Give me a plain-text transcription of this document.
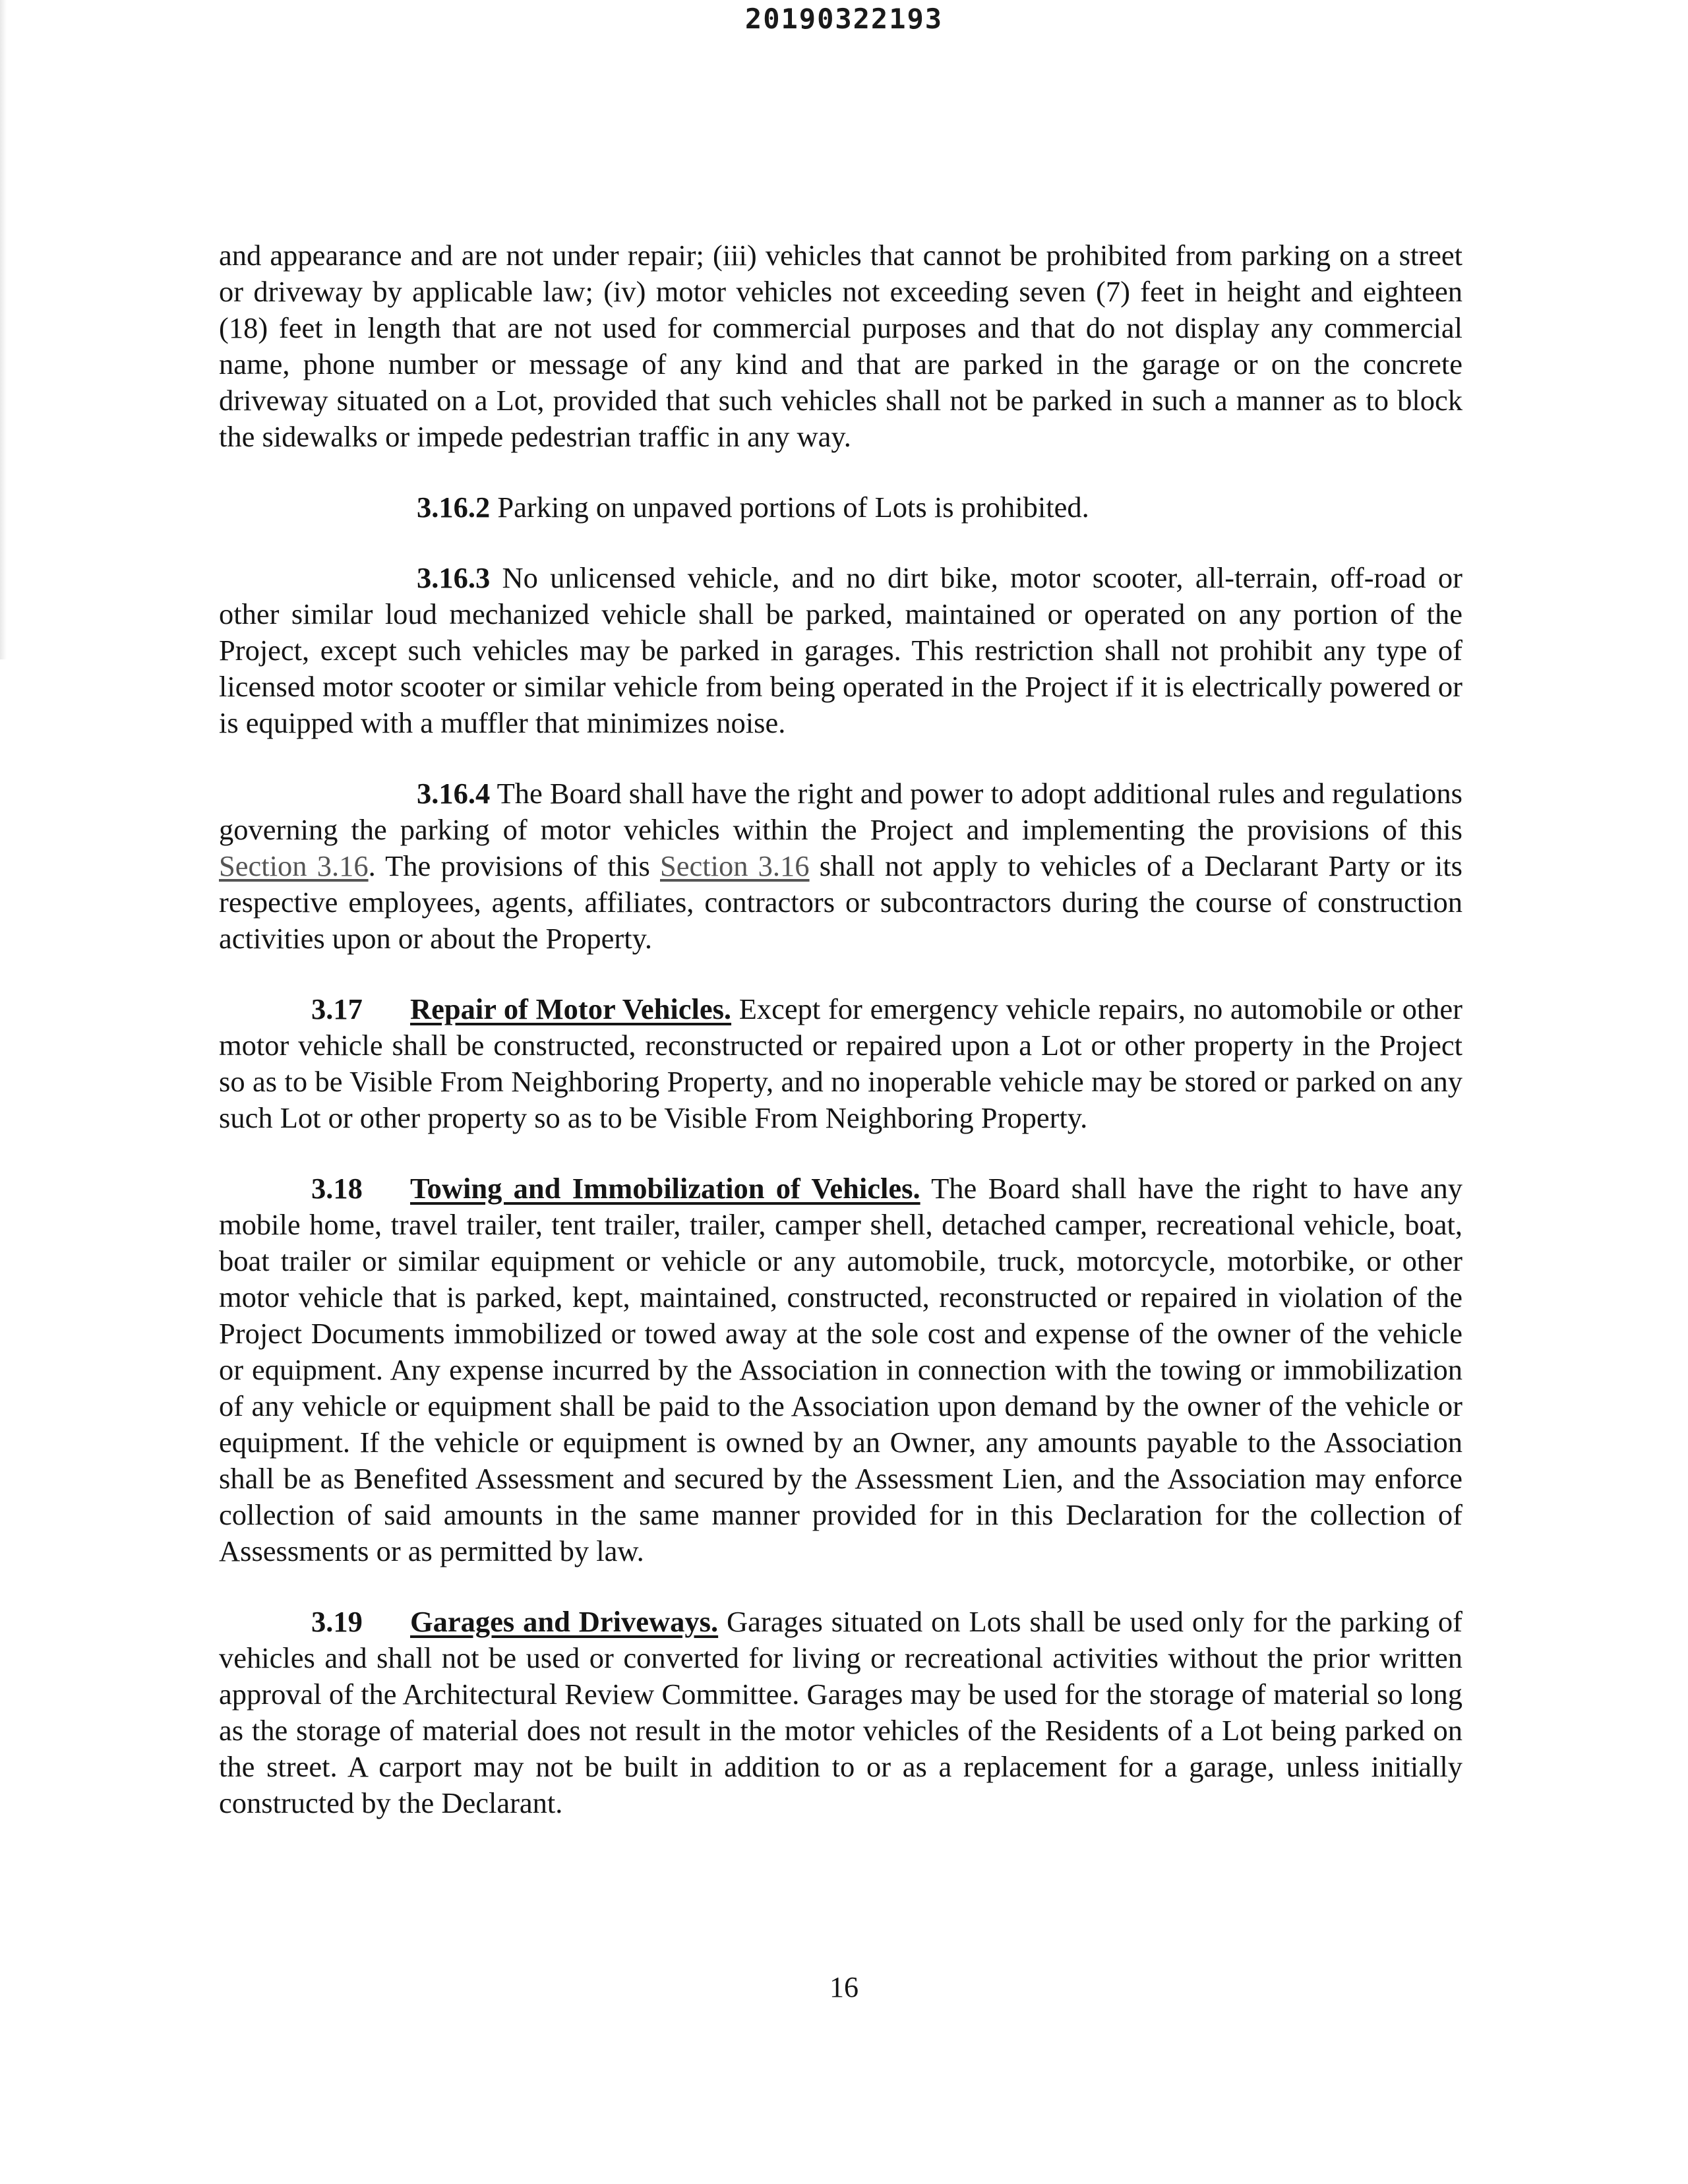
20190322193

and appearance and are not under repair; (iii) vehicles that cannot be prohibited from parking on a street or driveway by applicable law; (iv) motor vehicles not exceeding seven (7) feet in height and eighteen (18) feet in length that are not used for commercial purposes and that do not display any commercial name, phone number or message of any kind and that are parked in the garage or on the concrete driveway situated on a Lot, provided that such vehicles shall not be parked in such a manner as to block the sidewalks or impede pedestrian traffic in any way.

3.16.2 Parking on unpaved portions of Lots is prohibited.

3.16.3 No unlicensed vehicle, and no dirt bike, motor scooter, all-terrain, off-road or other similar loud mechanized vehicle shall be parked, maintained or operated on any portion of the Project, except such vehicles may be parked in garages. This restriction shall not prohibit any type of licensed motor scooter or similar vehicle from being operated in the Project if it is electrically powered or is equipped with a muffler that minimizes noise.

3.16.4 The Board shall have the right and power to adopt additional rules and regulations governing the parking of motor vehicles within the Project and implementing the provisions of this Section 3.16. The provisions of this Section 3.16 shall not apply to vehicles of a Declarant Party or its respective employees, agents, affiliates, contractors or subcontractors during the course of construction activities upon or about the Property.

3.17 Repair of Motor Vehicles. Except for emergency vehicle repairs, no automobile or other motor vehicle shall be constructed, reconstructed or repaired upon a Lot or other property in the Project so as to be Visible From Neighboring Property, and no inoperable vehicle may be stored or parked on any such Lot or other property so as to be Visible From Neighboring Property.

3.18 Towing and Immobilization of Vehicles. The Board shall have the right to have any mobile home, travel trailer, tent trailer, trailer, camper shell, detached camper, recreational vehicle, boat, boat trailer or similar equipment or vehicle or any automobile, truck, motorcycle, motorbike, or other motor vehicle that is parked, kept, maintained, constructed, reconstructed or repaired in violation of the Project Documents immobilized or towed away at the sole cost and expense of the owner of the vehicle or equipment. Any expense incurred by the Association in connection with the towing or immobilization of any vehicle or equipment shall be paid to the Association upon demand by the owner of the vehicle or equipment. If the vehicle or equipment is owned by an Owner, any amounts payable to the Association shall be as Benefited Assessment and secured by the Assessment Lien, and the Association may enforce collection of said amounts in the same manner provided for in this Declaration for the collection of Assessments or as permitted by law.

3.19 Garages and Driveways. Garages situated on Lots shall be used only for the parking of vehicles and shall not be used or converted for living or recreational activities without the prior written approval of the Architectural Review Committee. Garages may be used for the storage of material so long as the storage of material does not result in the motor vehicles of the Residents of a Lot being parked on the street. A carport may not be built in addition to or as a replacement for a garage, unless initially constructed by the Declarant.

16
